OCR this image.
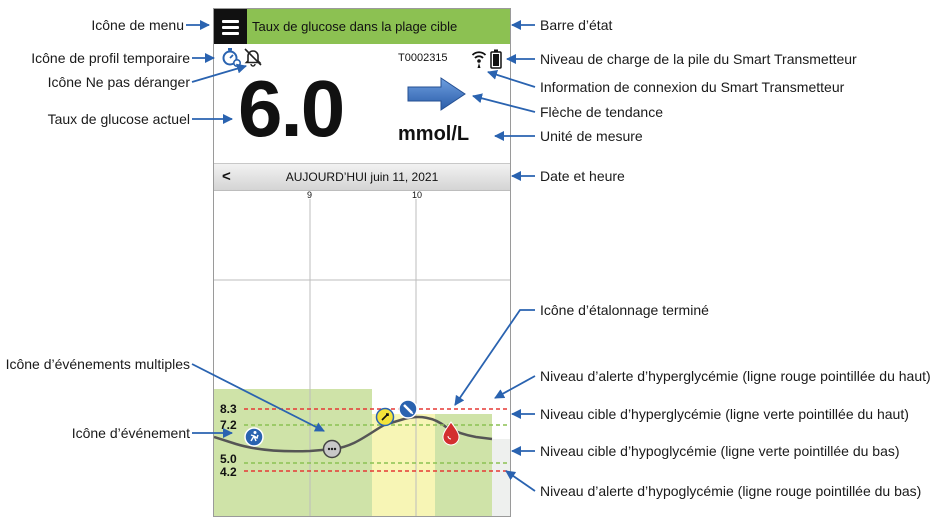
Icône de menu
Icône de profil temporaire
Icône Ne pas déranger
Taux de glucose actuel
Icône d’événements multiples
Icône d’événement
Barre d’état
Niveau de charge de la pile du Smart Transmetteur
Information de connexion du Smart Transmetteur
Flèche de tendance
Unité de mesure
Date et heure
Icône d’étalonnage terminé
Niveau d’alerte d’hyperglycémie (ligne rouge pointillée du haut)
Niveau cible d’hyperglycémie (ligne verte pointillée du haut)
Niveau cible d’hypoglycémie (ligne verte pointillée du bas)
Niveau d’alerte d’hypoglycémie (ligne rouge pointillée du bas)
Taux de glucose dans la plage cible
T0002315
6.0	mmol/L
<	AUJOURD’HUI juin 11, 2021
9	10
8.3
7.2
5.0
4.2
